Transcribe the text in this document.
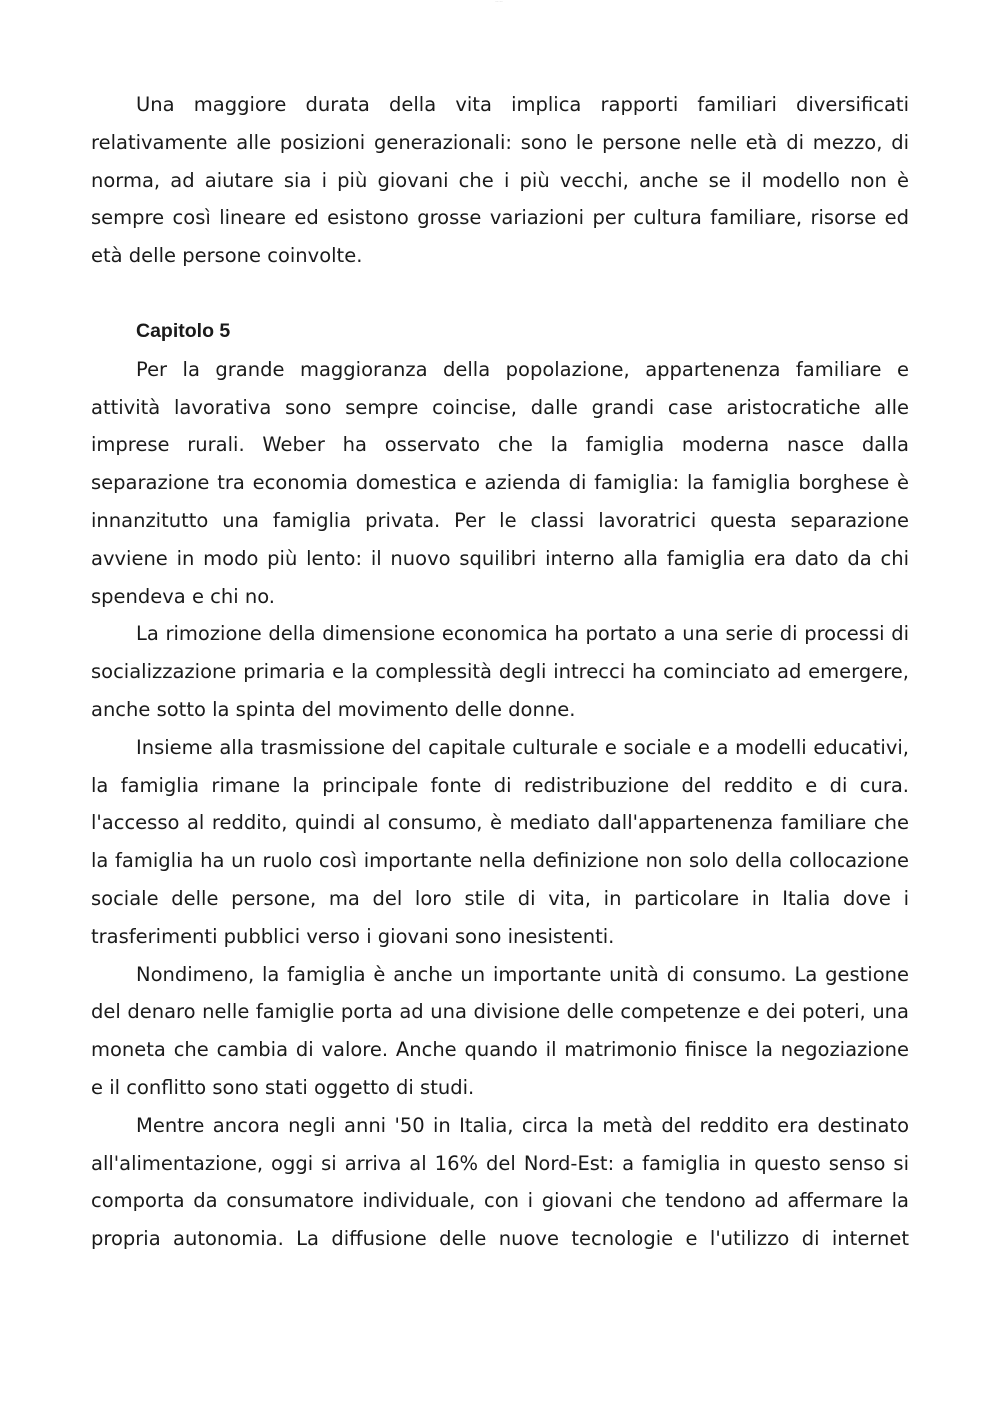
--- ---

Una maggiore durata della vita implica rapporti familiari diversificati relativamente alle posizioni generazionali: sono le persone nelle età di mezzo, di norma, ad aiutare sia i più giovani che i più vecchi, anche se il modello non è sempre così lineare ed esistono grosse variazioni per cultura familiare, risorse ed età delle persone coinvolte.

Capitolo 5

Per la grande maggioranza della popolazione, appartenenza familiare e attività lavorativa sono sempre coincise, dalle grandi case aristocratiche alle imprese rurali. Weber ha osservato che la famiglia moderna nasce dalla separazione tra economia domestica e azienda di famiglia: la famiglia borghese è innanzitutto una famiglia privata. Per le classi lavoratrici questa separazione avviene in modo più lento: il nuovo squilibri interno alla famiglia era dato da chi spendeva e chi no.

La rimozione della dimensione economica ha portato a una serie di processi di socializzazione primaria e la complessità degli intrecci ha cominciato ad emergere, anche sotto la spinta del movimento delle donne.

Insieme alla trasmissione del capitale culturale e sociale e a modelli educativi, la famiglia rimane la principale fonte di redistribuzione del reddito e di cura. l'accesso al reddito, quindi al consumo, è mediato dall'appartenenza familiare che la famiglia ha un ruolo così importante nella definizione non solo della collocazione sociale delle persone, ma del loro stile di vita, in particolare in Italia dove i trasferimenti pubblici verso i giovani sono inesistenti.

Nondimeno, la famiglia è anche un importante unità di consumo. La gestione del denaro nelle famiglie porta ad una divisione delle competenze e dei poteri, una moneta che cambia di valore. Anche quando il matrimonio finisce la negoziazione e il conflitto sono stati oggetto di studi.

Mentre ancora negli anni '50 in Italia, circa la metà del reddito era destinato all'alimentazione, oggi si arriva al 16% del Nord-Est: a famiglia in questo senso si comporta da consumatore individuale, con i giovani che tendono ad affermare la propria autonomia. La diffusione delle nuove tecnologie e l'utilizzo di internet
